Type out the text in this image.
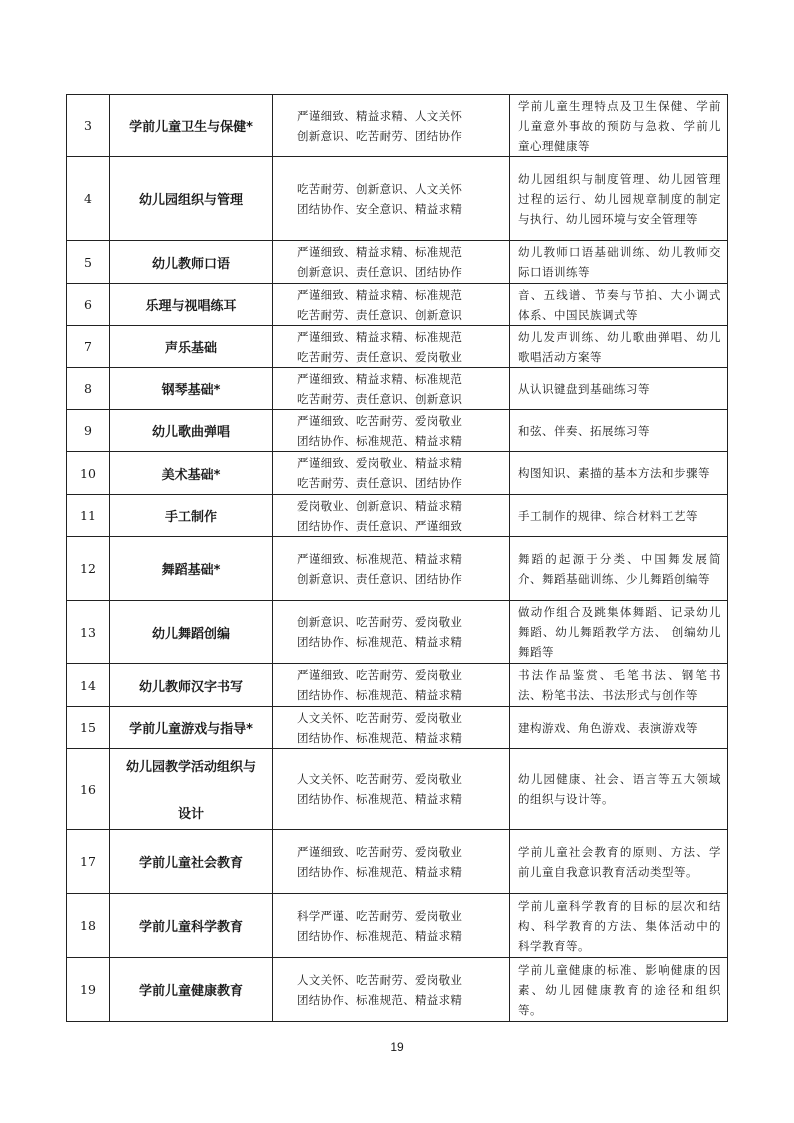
3	学前儿童卫生与保健*	严谨细致、精益求精、人文关怀
创新意识、吃苦耐劳、团结协作	学前儿童生理特点及卫生保健、学前儿童意外事故的预防与急救、学前儿童心理健康等
4	幼儿园组织与管理	吃苦耐劳、创新意识、人文关怀
团结协作、安全意识、精益求精	幼儿园组织与制度管理、幼儿园管理过程的运行、幼儿园规章制度的制定与执行、幼儿园环境与安全管理等
5	幼儿教师口语	严谨细致、精益求精、标准规范
创新意识、责任意识、团结协作	幼儿教师口语基础训练、幼儿教师交际口语训练等
6	乐理与视唱练耳	严谨细致、精益求精、标准规范
吃苦耐劳、责任意识、创新意识	音、五线谱、节奏与节拍、大小调式体系、中国民族调式等
7	声乐基础	严谨细致、精益求精、标准规范
吃苦耐劳、责任意识、爱岗敬业	幼儿发声训练、幼儿歌曲弹唱、幼儿歌唱活动方案等
8	钢琴基础*	严谨细致、精益求精、标准规范
吃苦耐劳、责任意识、创新意识	从认识键盘到基础练习等
9	幼儿歌曲弹唱	严谨细致、吃苦耐劳、爱岗敬业
团结协作、标准规范、精益求精	和弦、伴奏、拓展练习等
10	美术基础*	严谨细致、爱岗敬业、精益求精
吃苦耐劳、责任意识、团结协作	构图知识、素描的基本方法和步骤等
11	手工制作	爱岗敬业、创新意识、精益求精
团结协作、责任意识、严谨细致	手工制作的规律、综合材料工艺等
12	舞蹈基础*	严谨细致、标准规范、精益求精
创新意识、责任意识、团结协作	舞蹈的起源于分类、中国舞发展简介、舞蹈基础训练、少儿舞蹈创编等
13	幼儿舞蹈创编	创新意识、吃苦耐劳、爱岗敬业
团结协作、标准规范、精益求精	做动作组合及跳集体舞蹈、记录幼儿舞蹈、幼儿舞蹈教学方法、 创编幼儿舞蹈等
14	幼儿教师汉字书写	严谨细致、吃苦耐劳、爱岗敬业
团结协作、标准规范、精益求精	书法作品鉴赏、毛笔书法、钢笔书法、粉笔书法、书法形式与创作等
15	学前儿童游戏与指导*	人文关怀、吃苦耐劳、爱岗敬业
团结协作、标准规范、精益求精	建构游戏、角色游戏、表演游戏等
16	幼儿园教学活动组织与
设计	人文关怀、吃苦耐劳、爱岗敬业
团结协作、标准规范、精益求精	幼儿园健康、社会、语言等五大领域的组织与设计等。
17	学前儿童社会教育	严谨细致、吃苦耐劳、爱岗敬业
团结协作、标准规范、精益求精	学前儿童社会教育的原则、方法、学前儿童自我意识教育活动类型等。
18	学前儿童科学教育	科学严谨、吃苦耐劳、爱岗敬业
团结协作、标准规范、精益求精	学前儿童科学教育的目标的层次和结构、科学教育的方法、集体活动中的科学教育等。
19	学前儿童健康教育	人文关怀、吃苦耐劳、爱岗敬业
团结协作、标准规范、精益求精	学前儿童健康的标准、影响健康的因素、幼儿园健康教育的途径和组织等。
19
